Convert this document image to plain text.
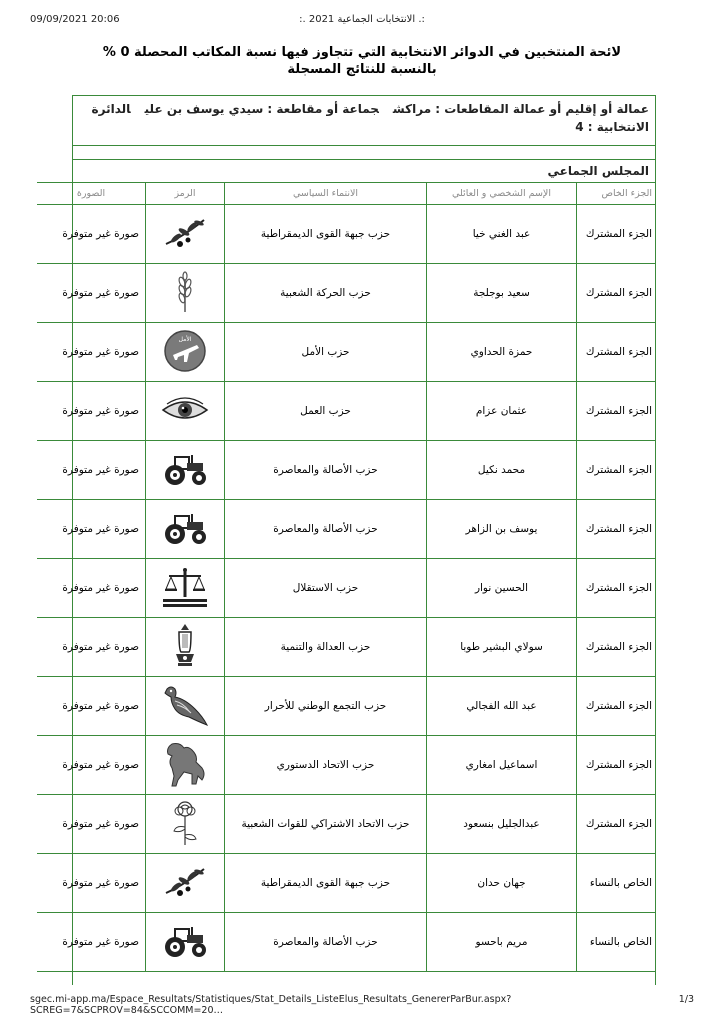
09/09/2021 20:06	:. الانتخابات الجماعية 2021 .:
لائحة المنتخبين في الدوائر الانتخابية التي تتجاوز فيها نسبة المكاتب المحصلة 0 %
بالنسبة للنتائج المسجلة
عمالة أو إقليم أو عمالة المقاطعات : مراكشجماعة أو مقاطعة : سيدي يوسف بن عليالدائرة الانتخابية : 4
المجلس الجماعي
الجزء الخاص	الإسم الشخصي و العائلي	الانتماء السياسي	الرمز	الصورة
الجزء المشترك	عبد الغني خيا	حزب جبهة القوى الديمقراطية		صورة غير متوفرة
الجزء المشترك	سعيد بوجلجة	حزب الحركة الشعبية		صورة غير متوفرة
الجزء المشترك	حمزة الحداوي	حزب الأمل	الأمل	صورة غير متوفرة
الجزء المشترك	عثمان عزام	حزب العمل		صورة غير متوفرة
الجزء المشترك	محمد نكيل	حزب الأصالة والمعاصرة		صورة غير متوفرة
الجزء المشترك	يوسف بن الزاهر	حزب الأصالة والمعاصرة		صورة غير متوفرة
الجزء المشترك	الحسين نوار	حزب الاستقلال		صورة غير متوفرة
الجزء المشترك	سولاي البشير طوبا	حزب العدالة والتنمية		صورة غير متوفرة
الجزء المشترك	عبد الله الفجالي	حزب التجمع الوطني للأحرار		صورة غير متوفرة
الجزء المشترك	اسماعيل امغاري	حزب الاتحاد الدستوري		صورة غير متوفرة
الجزء المشترك	عبدالجليل بنسعود	حزب الاتحاد الاشتراكي للقوات الشعبية		صورة غير متوفرة
الخاص بالنساء	جهان حدان	حزب جبهة القوى الديمقراطية		صورة غير متوفرة
الخاص بالنساء	مريم باحسو	حزب الأصالة والمعاصرة		صورة غير متوفرة
sgec.mi-app.ma/Espace_Resultats/Statistiques/Stat_Details_ListeElus_Resultats_GenererParBur.aspx?SCREG=7&SCPROV=84&SCCOMM=20…
1/3
